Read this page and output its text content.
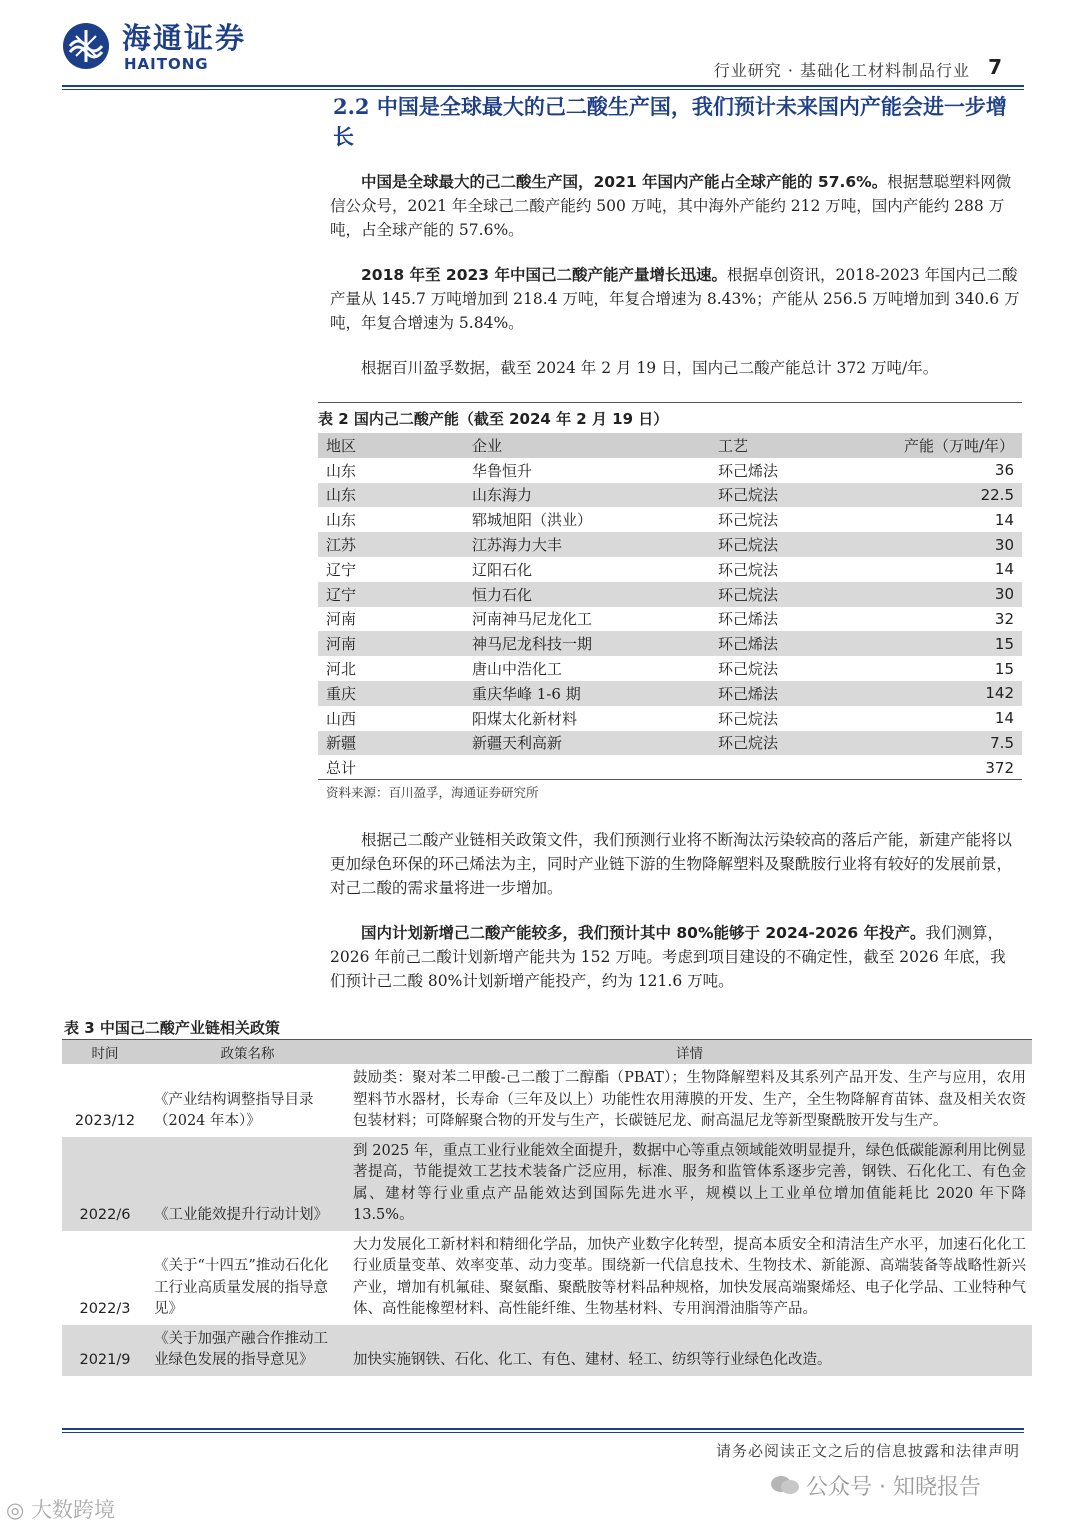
海通证券
HAITONG	行业研究 · 基础化工材料制品行业 7
2.2 中国是全球最大的己二酸生产国，我们预计未来国内产能会进一步增长

中国是全球最大的己二酸生产国，2021 年国内产能占全球产能的 57.6%。根据慧聪塑料网微信公众号，2021 年全球己二酸产能约 500 万吨，其中海外产能约 212 万吨，国内产能约 288 万吨，占全球产能的 57.6%。

2018 年至 2023 年中国己二酸产能产量增长迅速。根据卓创资讯，2018-2023 年国内己二酸产量从 145.7 万吨增加到 218.4 万吨，年复合增速为 8.43%；产能从 256.5 万吨增加到 340.6 万吨，年复合增速为 5.84%。

根据百川盈孚数据，截至 2024 年 2 月 19 日，国内己二酸产能总计 372 万吨/年。

表 2 国内己二酸产能（截至 2024 年 2 月 19 日）
地区	企业	工艺	产能（万吨/年）
山东	华鲁恒升	环己烯法	36
山东	山东海力	环己烷法	22.5
山东	郓城旭阳（洪业）	环己烷法	14
江苏	江苏海力大丰	环己烷法	30
辽宁	辽阳石化	环己烷法	14
辽宁	恒力石化	环己烷法	30
河南	河南神马尼龙化工	环己烯法	32
河南	神马尼龙科技一期	环己烯法	15
河北	唐山中浩化工	环己烷法	15
重庆	重庆华峰 1-6 期	环己烯法	142
山西	阳煤太化新材料	环己烷法	14
新疆	新疆天利高新	环己烷法	7.5
总计			372
资料来源：百川盈孚，海通证券研究所

根据己二酸产业链相关政策文件，我们预测行业将不断淘汰污染较高的落后产能，新建产能将以更加绿色环保的环己烯法为主，同时产业链下游的生物降解塑料及聚酰胺行业将有较好的发展前景，对己二酸的需求量将进一步增加。

国内计划新增己二酸产能较多，我们预计其中 80%能够于 2024-2026 年投产。我们测算，2026 年前己二酸计划新增产能共为 152 万吨。考虑到项目建设的不确定性，截至 2026 年底，我们预计己二酸 80%计划新增产能投产，约为 121.6 万吨。

表 3 中国己二酸产业链相关政策
时间	政策名称	详情
2023/12	《产业结构调整指导目录（2024 年本）》	鼓励类：聚对苯二甲酸-己二酸丁二醇酯（PBAT）；生物降解塑料及其系列产品开发、生产与应用，农用塑料节水器材，长寿命（三年及以上）功能性农用薄膜的开发、生产，全生物降解育苗钵、盘及相关农资包装材料；可降解聚合物的开发与生产，长碳链尼龙、耐高温尼龙等新型聚酰胺开发与生产。
2022/6	《工业能效提升行动计划》	到 2025 年，重点工业行业能效全面提升，数据中心等重点领域能效明显提升，绿色低碳能源利用比例显著提高，节能提效工艺技术装备广泛应用，标准、服务和监管体系逐步完善，钢铁、石化化工、有色金属、建材等行业重点产品能效达到国际先进水平，规模以上工业单位增加值能耗比 2020 年下降 13.5%。
2022/3	《关于“十四五”推动石化化工行业高质量发展的指导意见》	大力发展化工新材料和精细化学品，加快产业数字化转型，提高本质安全和清洁生产水平，加速石化化工行业质量变革、效率变革、动力变革。围绕新一代信息技术、生物技术、新能源、高端装备等战略性新兴产业，增加有机氟硅、聚氨酯、聚酰胺等材料品种规格，加快发展高端聚烯烃、电子化学品、工业特种气体、高性能橡塑材料、高性能纤维、生物基材料、专用润滑油脂等产品。
2021/9	《关于加强产融合作推动工业绿色发展的指导意见》	加快实施钢铁、石化、化工、有色、建材、轻工、纺织等行业绿色化改造。
请务必阅读正文之后的信息披露和法律声明
公众号 · 知晓报告
◎ 大数跨境
